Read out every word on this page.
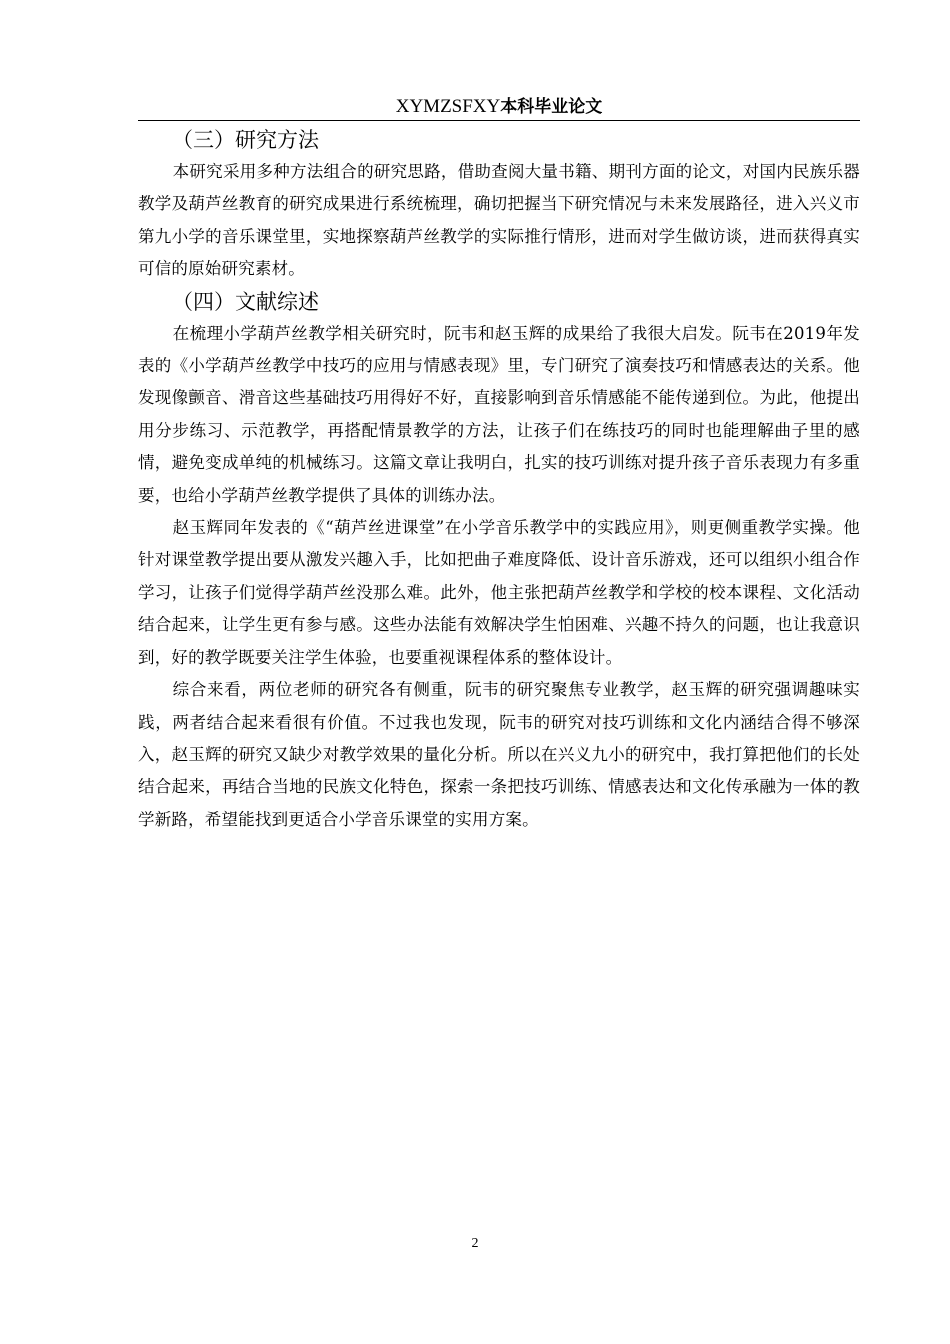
XYMZSFXY本科毕业论文
（三）研究方法

本研究采用多种方法组合的研究思路，借助查阅大量书籍、期刊方面的论文，对国内民族乐器教学及葫芦丝教育的研究成果进行系统梳理，确切把握当下研究情况与未来发展路径，进入兴义市第九小学的音乐课堂里，实地探察葫芦丝教学的实际推行情形，进而对学生做访谈，进而获得真实可信的原始研究素材。

（四）文献综述

在梳理小学葫芦丝教学相关研究时，阮韦和赵玉辉的成果给了我很大启发。阮韦在2019年发表的《小学葫芦丝教学中技巧的应用与情感表现》里，专门研究了演奏技巧和情感表达的关系。他发现像颤音、滑音这些基础技巧用得好不好，直接影响到音乐情感能不能传递到位。为此，他提出用分步练习、示范教学，再搭配情景教学的方法，让孩子们在练技巧的同时也能理解曲子里的感情，避免变成单纯的机械练习。这篇文章让我明白，扎实的技巧训练对提升孩子音乐表现力有多重要，也给小学葫芦丝教学提供了具体的训练办法。

赵玉辉同年发表的《“葫芦丝进课堂”在小学音乐教学中的实践应用》，则更侧重教学实操。他针对课堂教学提出要从激发兴趣入手，比如把曲子难度降低、设计音乐游戏，还可以组织小组合作学习，让孩子们觉得学葫芦丝没那么难。此外，他主张把葫芦丝教学和学校的校本课程、文化活动结合起来，让学生更有参与感。这些办法能有效解决学生怕困难、兴趣不持久的问题，也让我意识到，好的教学既要关注学生体验，也要重视课程体系的整体设计。

综合来看，两位老师的研究各有侧重，阮韦的研究聚焦专业教学，赵玉辉的研究强调趣味实践，两者结合起来看很有价值。不过我也发现，阮韦的研究对技巧训练和文化内涵结合得不够深入，赵玉辉的研究又缺少对教学效果的量化分析。所以在兴义九小的研究中，我打算把他们的长处结合起来，再结合当地的民族文化特色，探索一条把技巧训练、情感表达和文化传承融为一体的教学新路，希望能找到更适合小学音乐课堂的实用方案。

2
